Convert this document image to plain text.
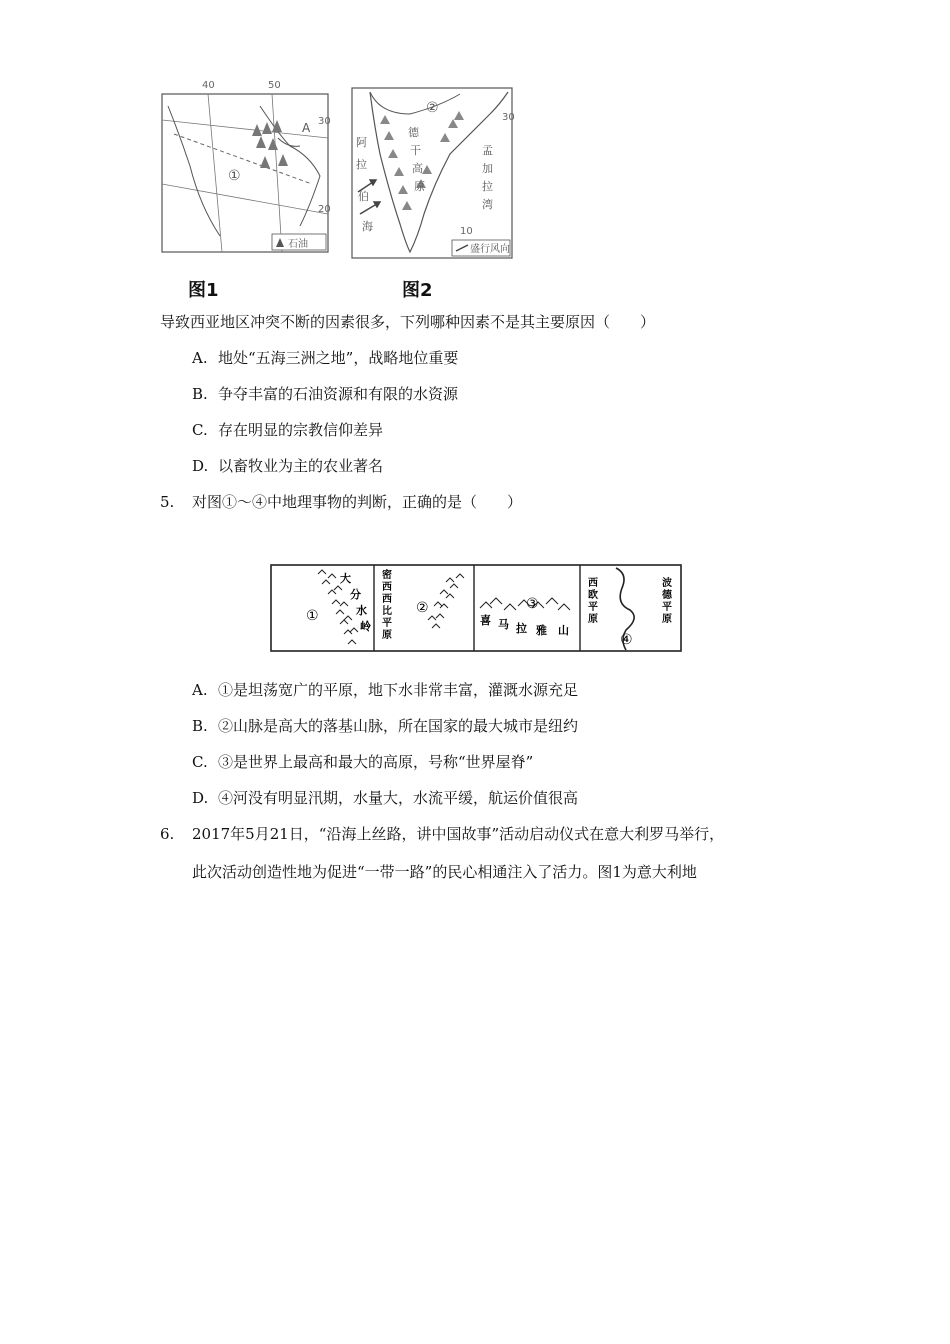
40	50
30
20
①
A
石油
②
30
10
阿
拉
伯
海
德
干
高
原
孟
加
拉
湾
盛行风向
图1	图2
导致西亚地区冲突不断的因素很多，下列哪种因素不是其主要原因（　　）
A. 地处“五海三洲之地”，战略地位重要
B. 争夺丰富的石油资源和有限的水资源
C. 存在明显的宗教信仰差异
D. 以畜牧业为主的农业著名
5. 对图①～④中地理事物的判断，正确的是（　　）
大
分
水
岭
①
密
西
西
比
平
原
②	③
喜 马 拉 雅 山
西
欧
平
原
④
波
德
平
原
A. ①是坦荡宽广的平原，地下水非常丰富，灌溉水源充足
B. ②山脉是高大的落基山脉，所在国家的最大城市是纽约
C. ③是世界上最高和最大的高原，号称“世界屋脊”
D. ④河没有明显汛期，水量大，水流平缓，航运价值很高
6. 2017年5月21日，“沿海上丝路，讲中国故事”活动启动仪式在意大利罗马举行，
此次活动创造性地为促进“一带一路”的民心相通注入了活力。图1为意大利地
